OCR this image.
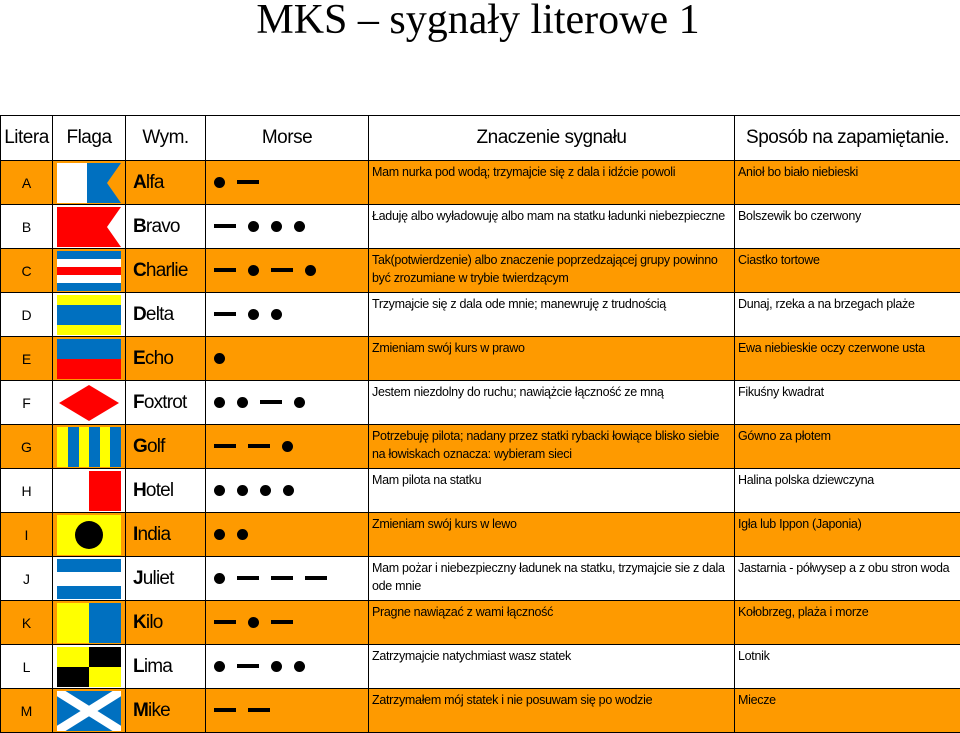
MKS – sygnały literowe 1
Litera	Flaga	Wym.	Morse	Znaczenie sygnału	Sposób na zapamiętanie.
A		Alfa		Mam nurka pod wodą; trzymajcie się z dala i idźcie powoli	Anioł bo biało niebieski
B		Bravo		Ładuję albo wyładowuję albo mam na statku ładunki niebezpieczne	Bolszewik bo czerwony
C		Charlie		Tak(potwierdzenie) albo znaczenie poprzedzającej grupy powinno być zrozumiane w trybie twierdzącym	Ciastko tortowe
D		Delta		Trzymajcie się z dala ode mnie; manewruję z trudnością	Dunaj, rzeka a na brzegach plaże
E		Echo		Zmieniam swój kurs w prawo	Ewa niebieskie oczy czerwone usta
F		Foxtrot		Jestem niezdolny do ruchu; nawiążcie łączność ze mną	Fikuśny kwadrat
G		Golf		Potrzebuję pilota; nadany przez statki rybacki łowiące blisko siebie na łowiskach oznacza: wybieram sieci	Gówno za płotem
H		Hotel		Mam pilota na statku	Halina polska dziewczyna
I		India		Zmieniam swój kurs w lewo	Igła lub Ippon (Japonia)
J		Juliet		Mam pożar i niebezpieczny ładunek na statku, trzymajcie sie z dala ode mnie	Jastarnia - półwysep a z obu stron woda
K		Kilo		Pragne nawiązać z wami łączność	Kołobrzeg, plaża i morze
L		Lima		Zatrzymajcie natychmiast wasz statek	Lotnik
M		Mike		Zatrzymałem mój statek i nie posuwam się po wodzie	Miecze
